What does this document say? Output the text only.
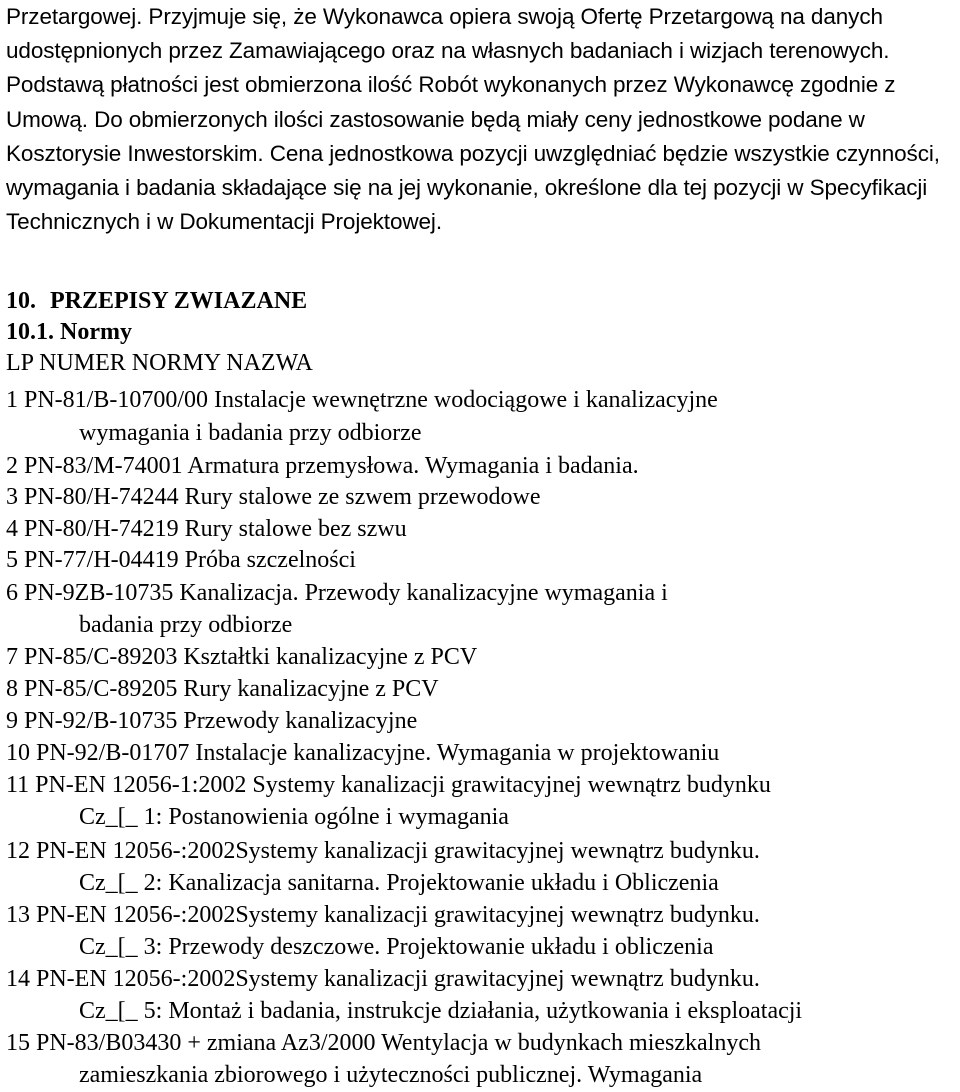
Przetargowej. Przyjmuje się, że Wykonawca opiera swoją Ofertę Przetargową na danych udostępnionych przez Zamawiającego oraz na własnych badaniach i wizjach terenowych. Podstawą płatności jest obmierzona ilość Robót wykonanych przez Wykonawcę zgodnie z Umową. Do obmierzonych ilości zastosowanie będą miały ceny jednostkowe podane w Kosztorysie Inwestorskim. Cena jednostkowa pozycji uwzględniać będzie wszystkie czynności, wymagania i badania składające się na jej wykonanie, określone dla tej pozycji w Specyfikacji Technicznych i w Dokumentacji Projektowej.

10. PRZEPISY ZWIAZANE
10.1. Normy
LP NUMER NORMY NAZWA
1 PN-81/B-10700/00 Instalacje wewnętrzne wodociągowe i kanalizacyjne
wymagania i badania przy odbiorze
2 PN-83/M-74001 Armatura przemysłowa. Wymagania i badania.
3 PN-80/H-74244 Rury stalowe ze szwem przewodowe
4 PN-80/H-74219 Rury stalowe bez szwu
5 PN-77/H-04419 Próba szczelności
6 PN-9ZB-10735 Kanalizacja. Przewody kanalizacyjne wymagania i
badania przy odbiorze
7 PN-85/C-89203 Kształtki kanalizacyjne z PCV
8 PN-85/C-89205 Rury kanalizacyjne z PCV
9 PN-92/B-10735 Przewody kanalizacyjne
10 PN-92/B-01707 Instalacje kanalizacyjne. Wymagania w projektowaniu
11 PN-EN 12056-1:2002 Systemy kanalizacji grawitacyjnej wewnątrz budynku
Cz_[_ 1: Postanowienia ogólne i wymagania
12 PN-EN 12056-:2002Systemy kanalizacji grawitacyjnej wewnątrz budynku.
Cz_[_ 2: Kanalizacja sanitarna. Projektowanie układu i Obliczenia
13 PN-EN 12056-:2002Systemy kanalizacji grawitacyjnej wewnątrz budynku.
Cz_[_ 3: Przewody deszczowe. Projektowanie układu i obliczenia
14 PN-EN 12056-:2002Systemy kanalizacji grawitacyjnej wewnątrz budynku.
Cz_[_ 5: Montaż i badania, instrukcje działania, użytkowania i eksploatacji
15 PN-83/B03430 + zmiana Az3/2000 Wentylacja w budynkach mieszkalnych
zamieszkania zbiorowego i użyteczności publicznej. Wymagania
